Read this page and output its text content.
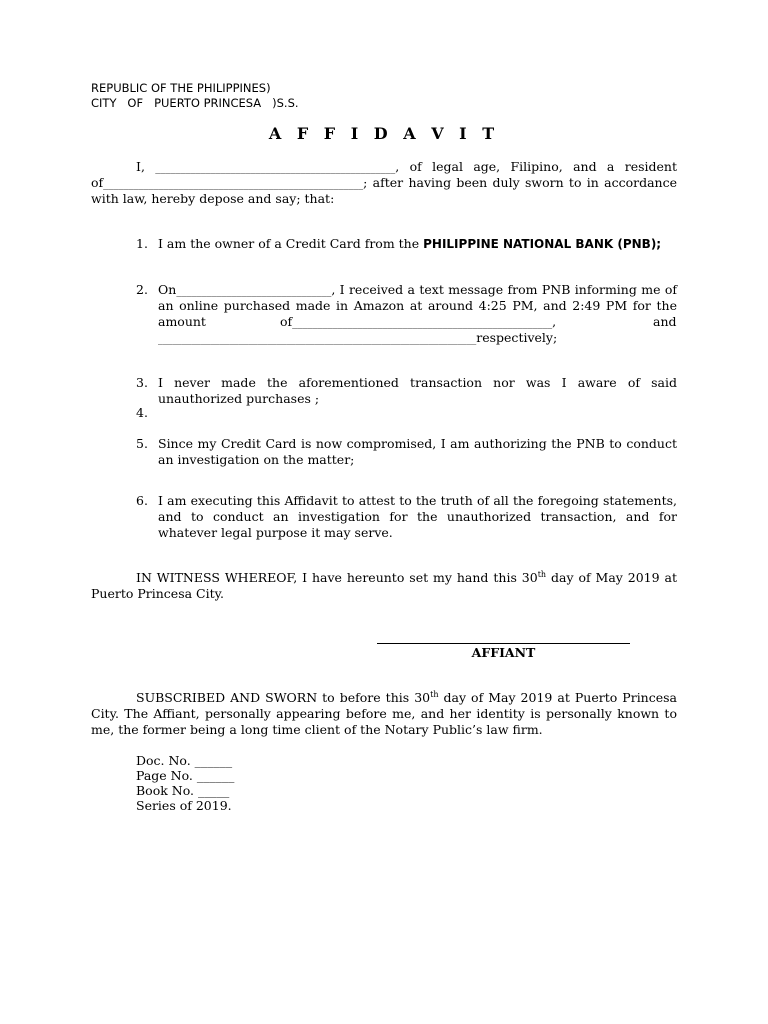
REPUBLIC OF THE PHILIPPINES)
CITY   OF   PUERTO PRINCESA   )S.S.
A F F I D A V I T
I, ________________________________________________, of legal age, Filipino, and a resident
of____________________________________________________; after having been duly sworn to in accordance
with law, hereby depose and say; that:
1. I am the owner of a Credit Card from the PHILIPPINE NATIONAL BANK (PNB);
2. On_______________________________, I received a text message from PNB informing me of
an online purchased made in Amazon at around 4:25 PM, and 2:49 PM for the
amount	of____________________________________________________,	and
___________________________________________________________________respectively;
3. I never made the aforementioned transaction nor was I aware of said
unauthorized purchases ;
4.
5. Since my Credit Card is now compromised, I am authorizing the PNB to conduct
an investigation on the matter;
6. I am executing this Affidavit to attest to the truth of all the foregoing statements,
and to conduct an investigation for the unauthorized transaction, and for
whatever legal purpose it may serve.
IN WITNESS WHEREOF, I have hereunto set my hand this 30th day of May 2019 at
Puerto Princesa City.
AFFIANT
SUBSCRIBED AND SWORN to before this 30th day of May 2019 at Puerto Princesa
City. The Affiant, personally appearing before me, and her identity is personally known to
me, the former being a long time client of the Notary Public’s law firm.
Doc. No. ______
Page No. ______
Book No. _____
Series of 2019.
